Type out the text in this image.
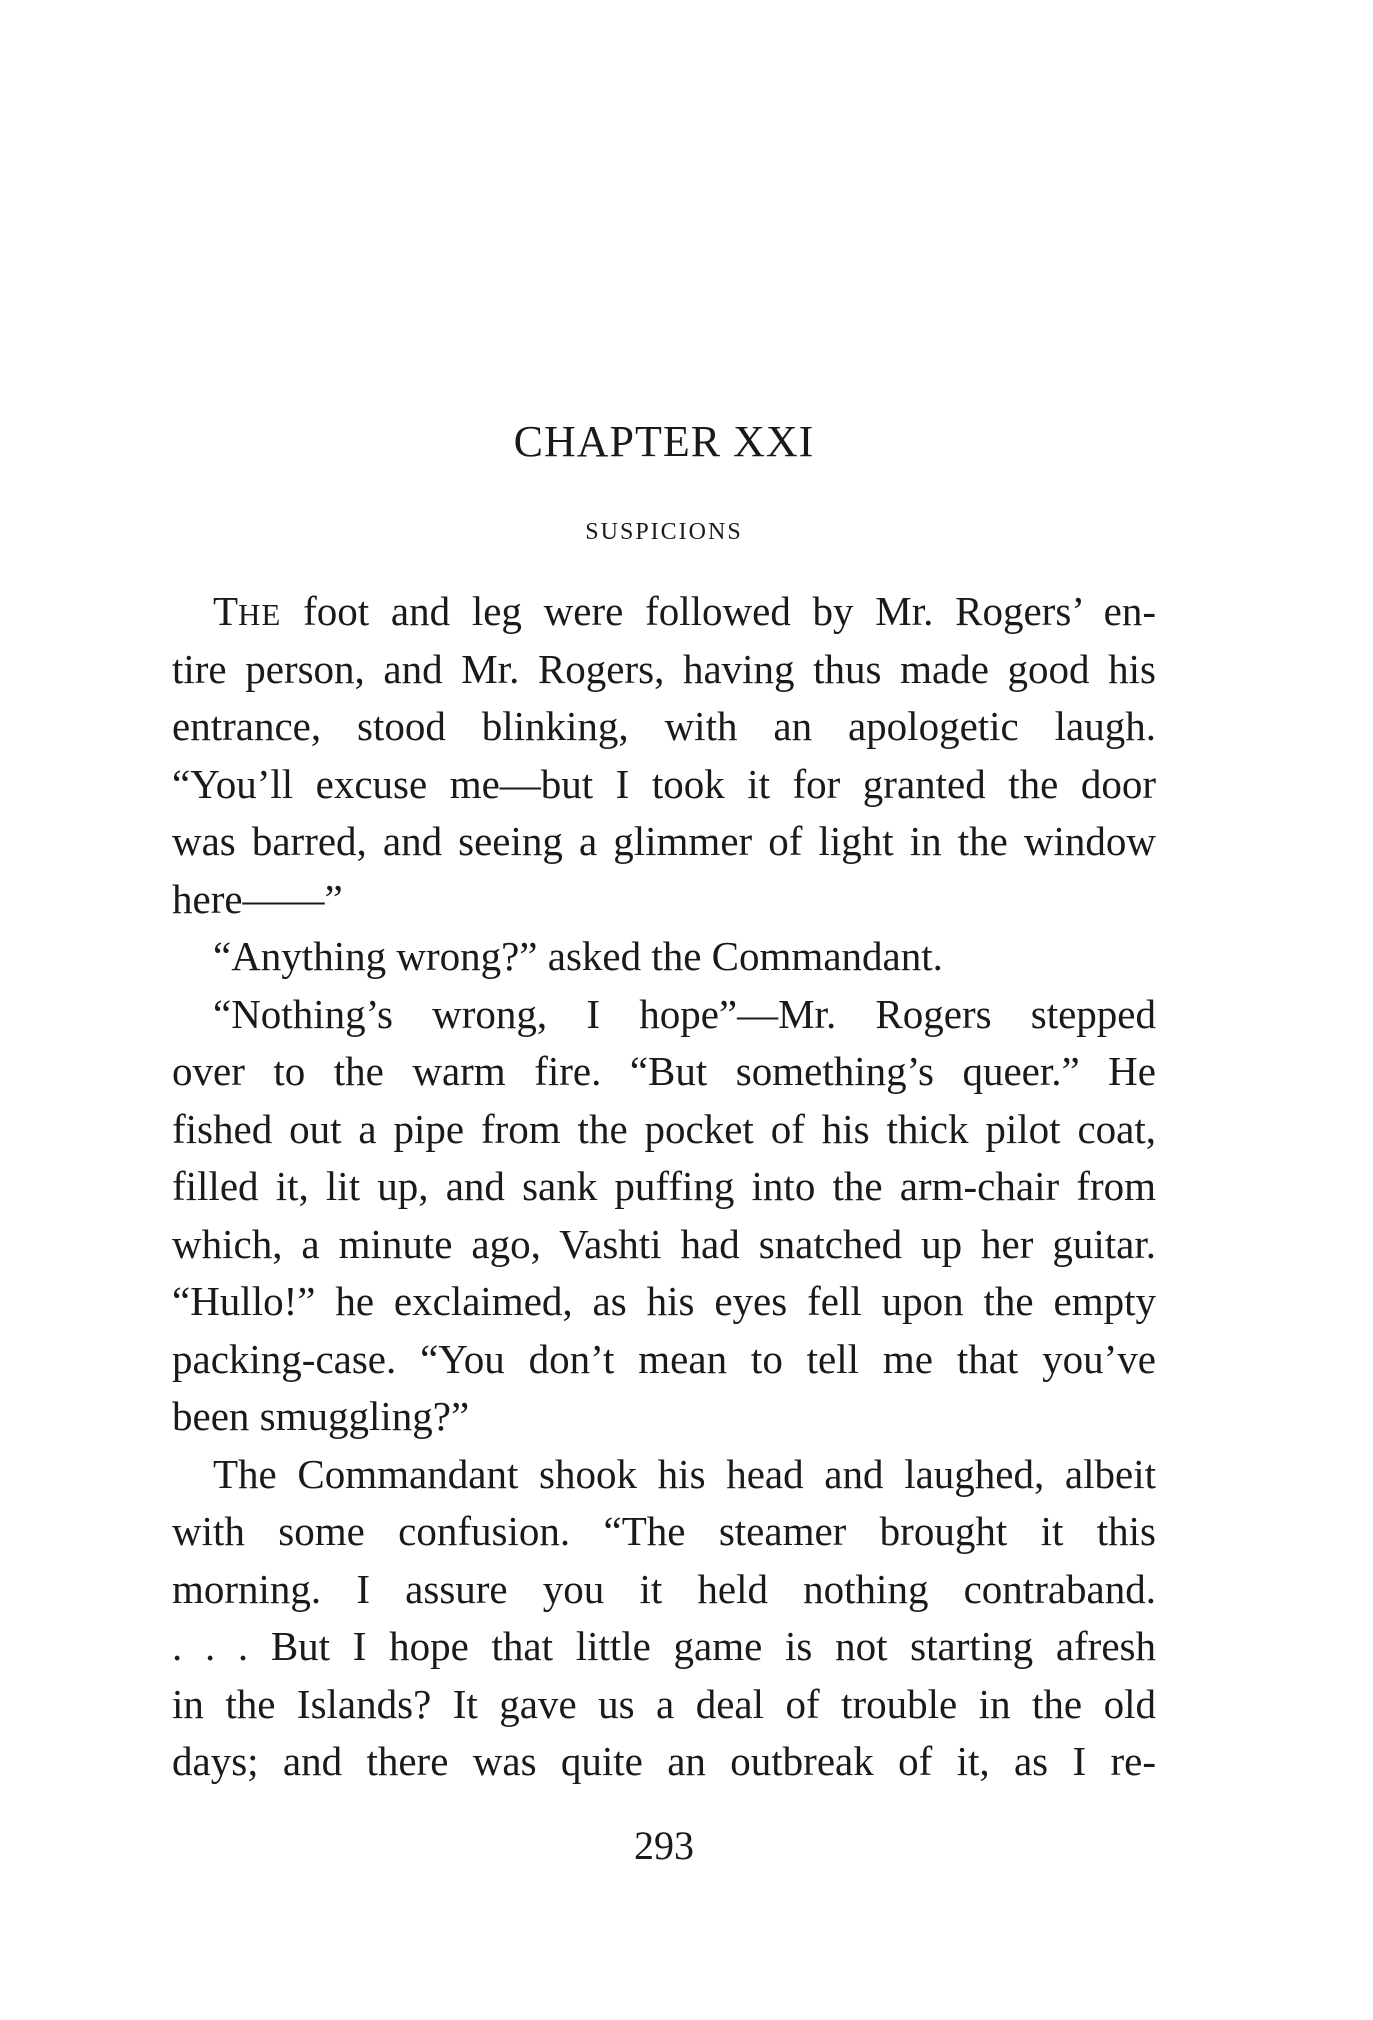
CHAPTER XXI
SUSPICIONS
THE foot and leg were followed by Mr. Rogers’ en-
tire person, and Mr. Rogers, having thus made good his
entrance, stood blinking, with an apologetic laugh.
“You’ll excuse me—but I took it for granted the door
was barred, and seeing a glimmer of light in the window
here——”
“Anything wrong?” asked the Commandant.
“Nothing’s wrong, I hope”—Mr. Rogers stepped
over to the warm fire. “But something’s queer.” He
fished out a pipe from the pocket of his thick pilot coat,
filled it, lit up, and sank puffing into the arm-chair from
which, a minute ago, Vashti had snatched up her guitar.
“Hullo!” he exclaimed, as his eyes fell upon the empty
packing-case. “You don’t mean to tell me that you’ve
been smuggling?”
The Commandant shook his head and laughed, albeit
with some confusion. “The steamer brought it this
morning. I assure you it held nothing contraband.
. . . But I hope that little game is not starting afresh
in the Islands? It gave us a deal of trouble in the old
days; and there was quite an outbreak of it, as I re-
293
